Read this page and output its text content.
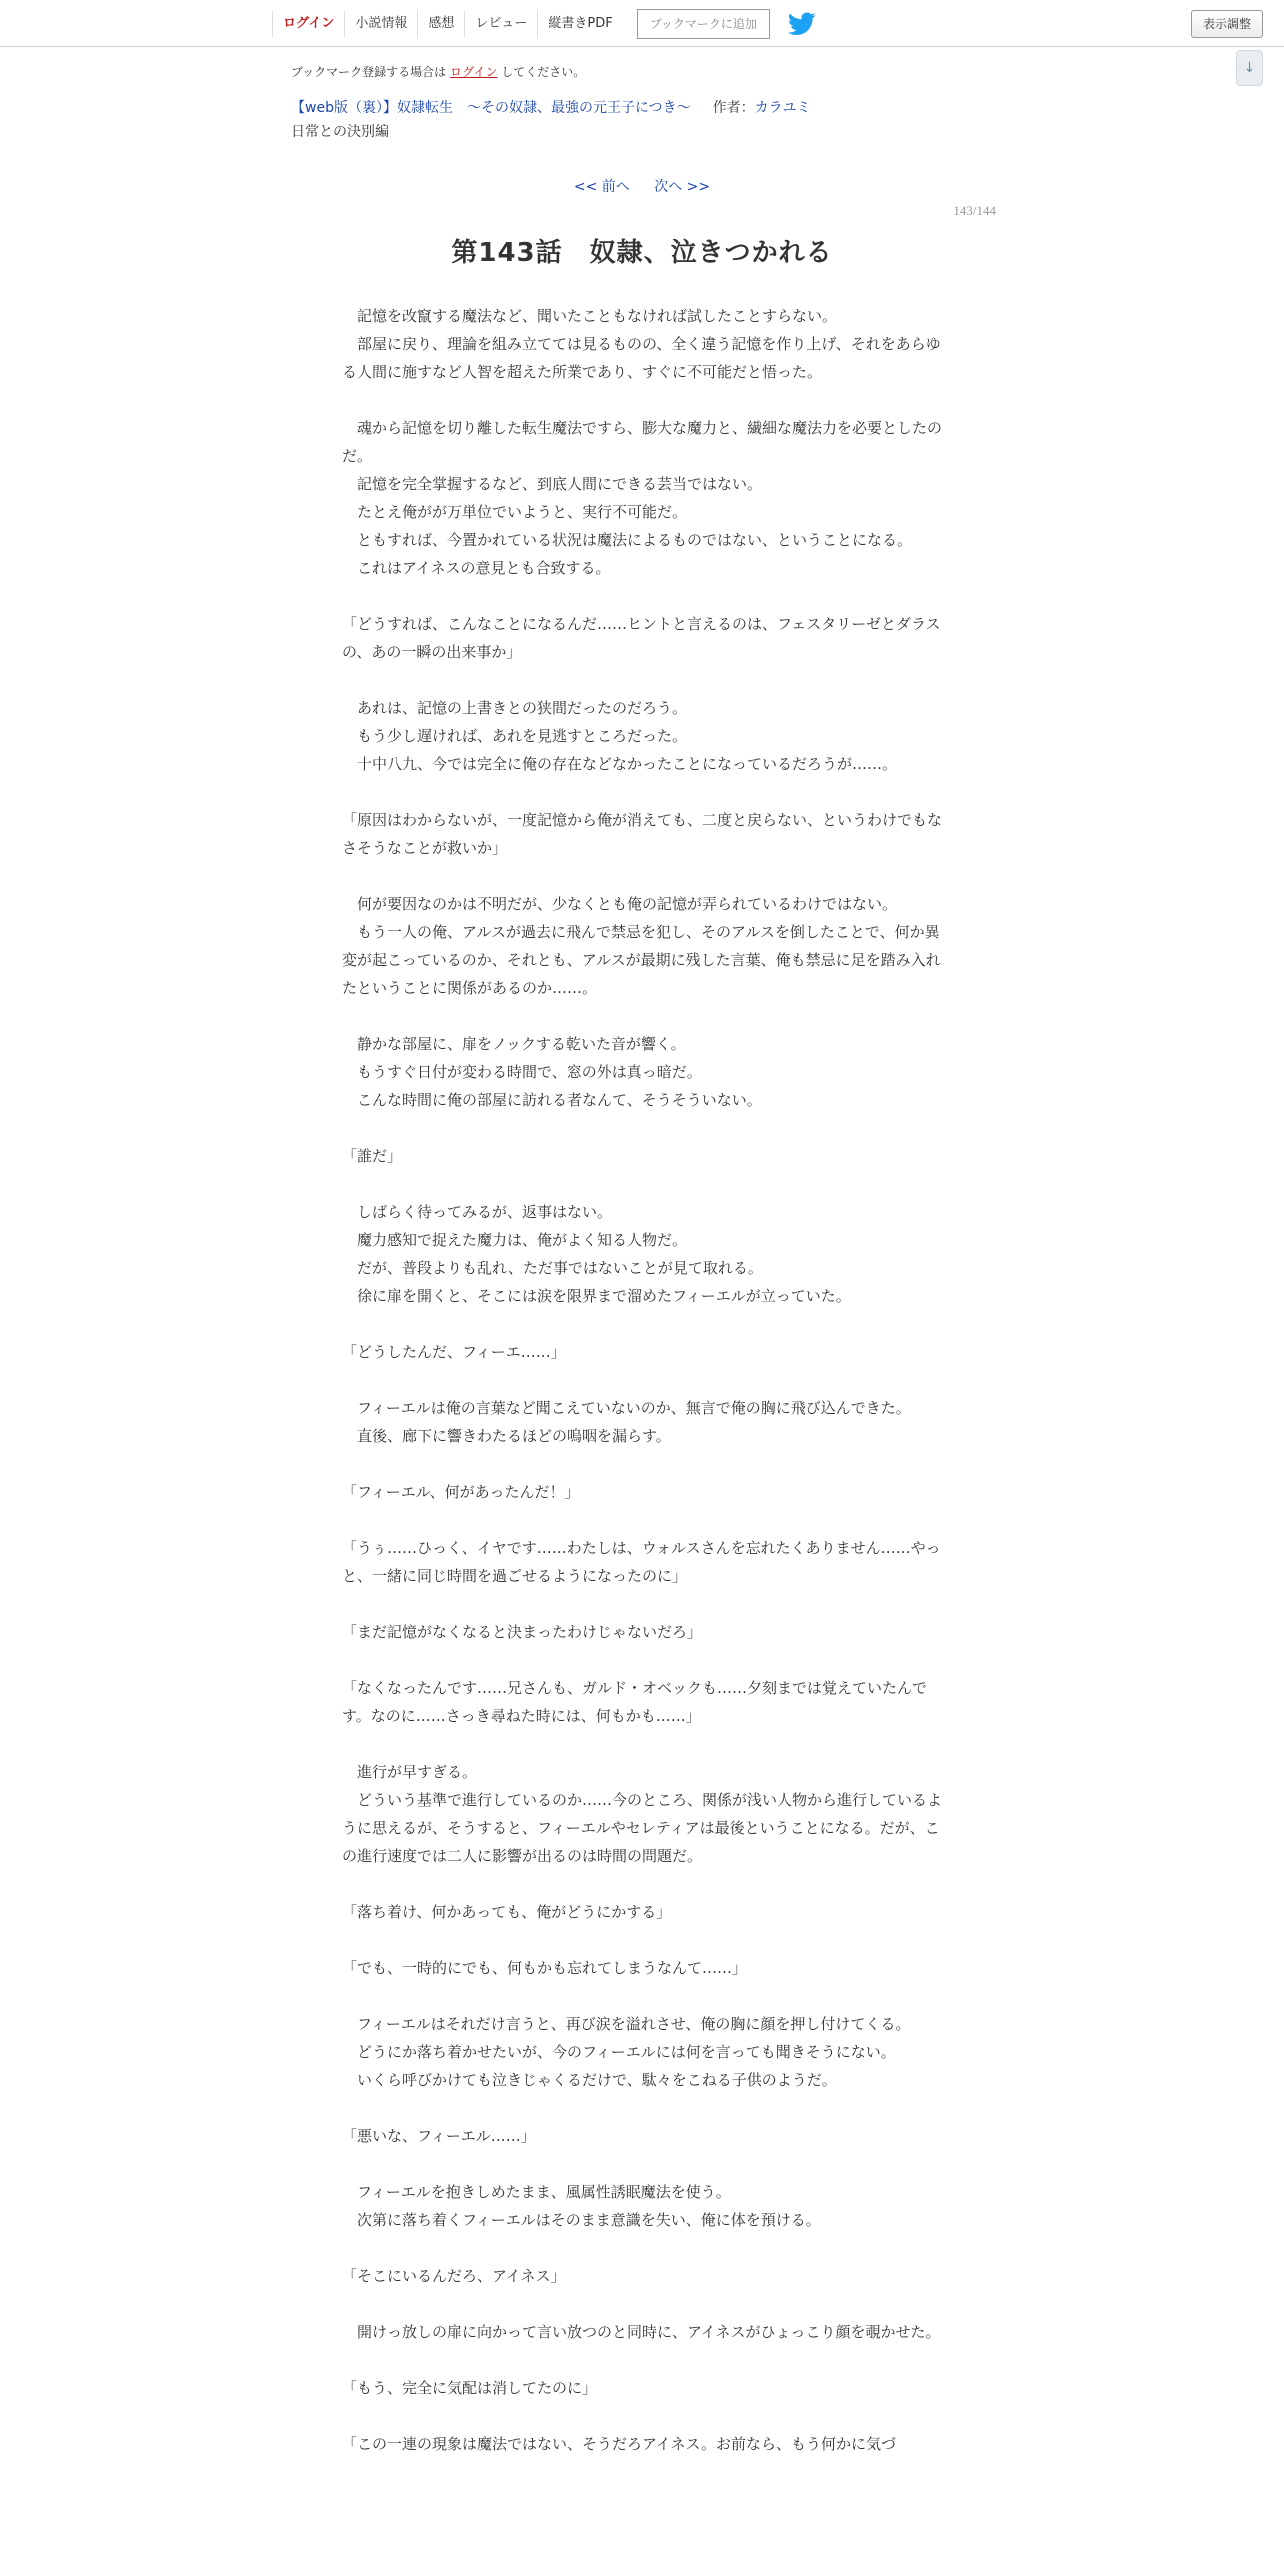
ログイン	小説情報	感想	レビュー	縦書きPDF	ブックマークに追加	表示調整
↓
ブックマーク登録する場合は ログイン してください。
【web版（裏）】奴隷転生　～その奴隷、最強の元王子につき～ 作者：カラユミ
日常との決別編
<< 前へ 次へ >>
143/144
第143話　奴隷、泣きつかれる

　記憶を改竄する魔法など、聞いたこともなければ試したことすらない。

　部屋に戻り、理論を組み立てては見るものの、全く違う記憶を作り上げ、それをあらゆる人間に施すなど人智を超えた所業であり、すぐに不可能だと悟った。

　魂から記憶を切り離した転生魔法ですら、膨大な魔力と、繊細な魔法力を必要としたのだ。

　記憶を完全掌握するなど、到底人間にできる芸当ではない。

　たとえ俺がが万単位でいようと、実行不可能だ。

　ともすれば、今置かれている状況は魔法によるものではない、ということになる。

　これはアイネスの意見とも合致する。

「どうすれば、こんなことになるんだ……ヒントと言えるのは、フェスタリーゼとダラスの、あの一瞬の出来事か」

　あれは、記憶の上書きとの狭間だったのだろう。

　もう少し遅ければ、あれを見逃すところだった。

　十中八九、今では完全に俺の存在などなかったことになっているだろうが……。

「原因はわからないが、一度記憶から俺が消えても、二度と戻らない、というわけでもなさそうなことが救いか」

　何が要因なのかは不明だが、少なくとも俺の記憶が弄られているわけではない。

　もう一人の俺、アルスが過去に飛んで禁忌を犯し、そのアルスを倒したことで、何か異変が起こっているのか、それとも、アルスが最期に残した言葉、俺も禁忌に足を踏み入れたということに関係があるのか……。

　静かな部屋に、扉をノックする乾いた音が響く。

　もうすぐ日付が変わる時間で、窓の外は真っ暗だ。

　こんな時間に俺の部屋に訪れる者なんて、そうそういない。

「誰だ」

　しばらく待ってみるが、返事はない。

　魔力感知で捉えた魔力は、俺がよく知る人物だ。

　だが、普段よりも乱れ、ただ事ではないことが見て取れる。

　徐に扉を開くと、そこには涙を限界まで溜めたフィーエルが立っていた。

「どうしたんだ、フィーエ……」

　フィーエルは俺の言葉など聞こえていないのか、無言で俺の胸に飛び込んできた。

　直後、廊下に響きわたるほどの嗚咽を漏らす。

「フィーエル、何があったんだ！」

「うぅ……ひっく、イヤです……わたしは、ウォルスさんを忘れたくありません……やっと、一緒に同じ時間を過ごせるようになったのに」

「まだ記憶がなくなると決まったわけじゃないだろ」

「なくなったんです……兄さんも、ガルド・オベックも……夕刻までは覚えていたんです。なのに……さっき尋ねた時には、何もかも……」

　進行が早すぎる。

　どういう基準で進行しているのか……今のところ、関係が浅い人物から進行しているように思えるが、そうすると、フィーエルやセレティアは最後ということになる。だが、この進行速度では二人に影響が出るのは時間の問題だ。

「落ち着け、何かあっても、俺がどうにかする」

「でも、一時的にでも、何もかも忘れてしまうなんて……」

　フィーエルはそれだけ言うと、再び涙を溢れさせ、俺の胸に顔を押し付けてくる。

　どうにか落ち着かせたいが、今のフィーエルには何を言っても聞きそうにない。

　いくら呼びかけても泣きじゃくるだけで、駄々をこねる子供のようだ。

「悪いな、フィーエル……」

　フィーエルを抱きしめたまま、風属性誘眠魔法を使う。

　次第に落ち着くフィーエルはそのまま意識を失い、俺に体を預ける。

「そこにいるんだろ、アイネス」

　開けっ放しの扉に向かって言い放つのと同時に、アイネスがひょっこり顔を覗かせた。

「もう、完全に気配は消してたのに」

「この一連の現象は魔法ではない、そうだろアイネス。お前なら、もう何かに気づ
